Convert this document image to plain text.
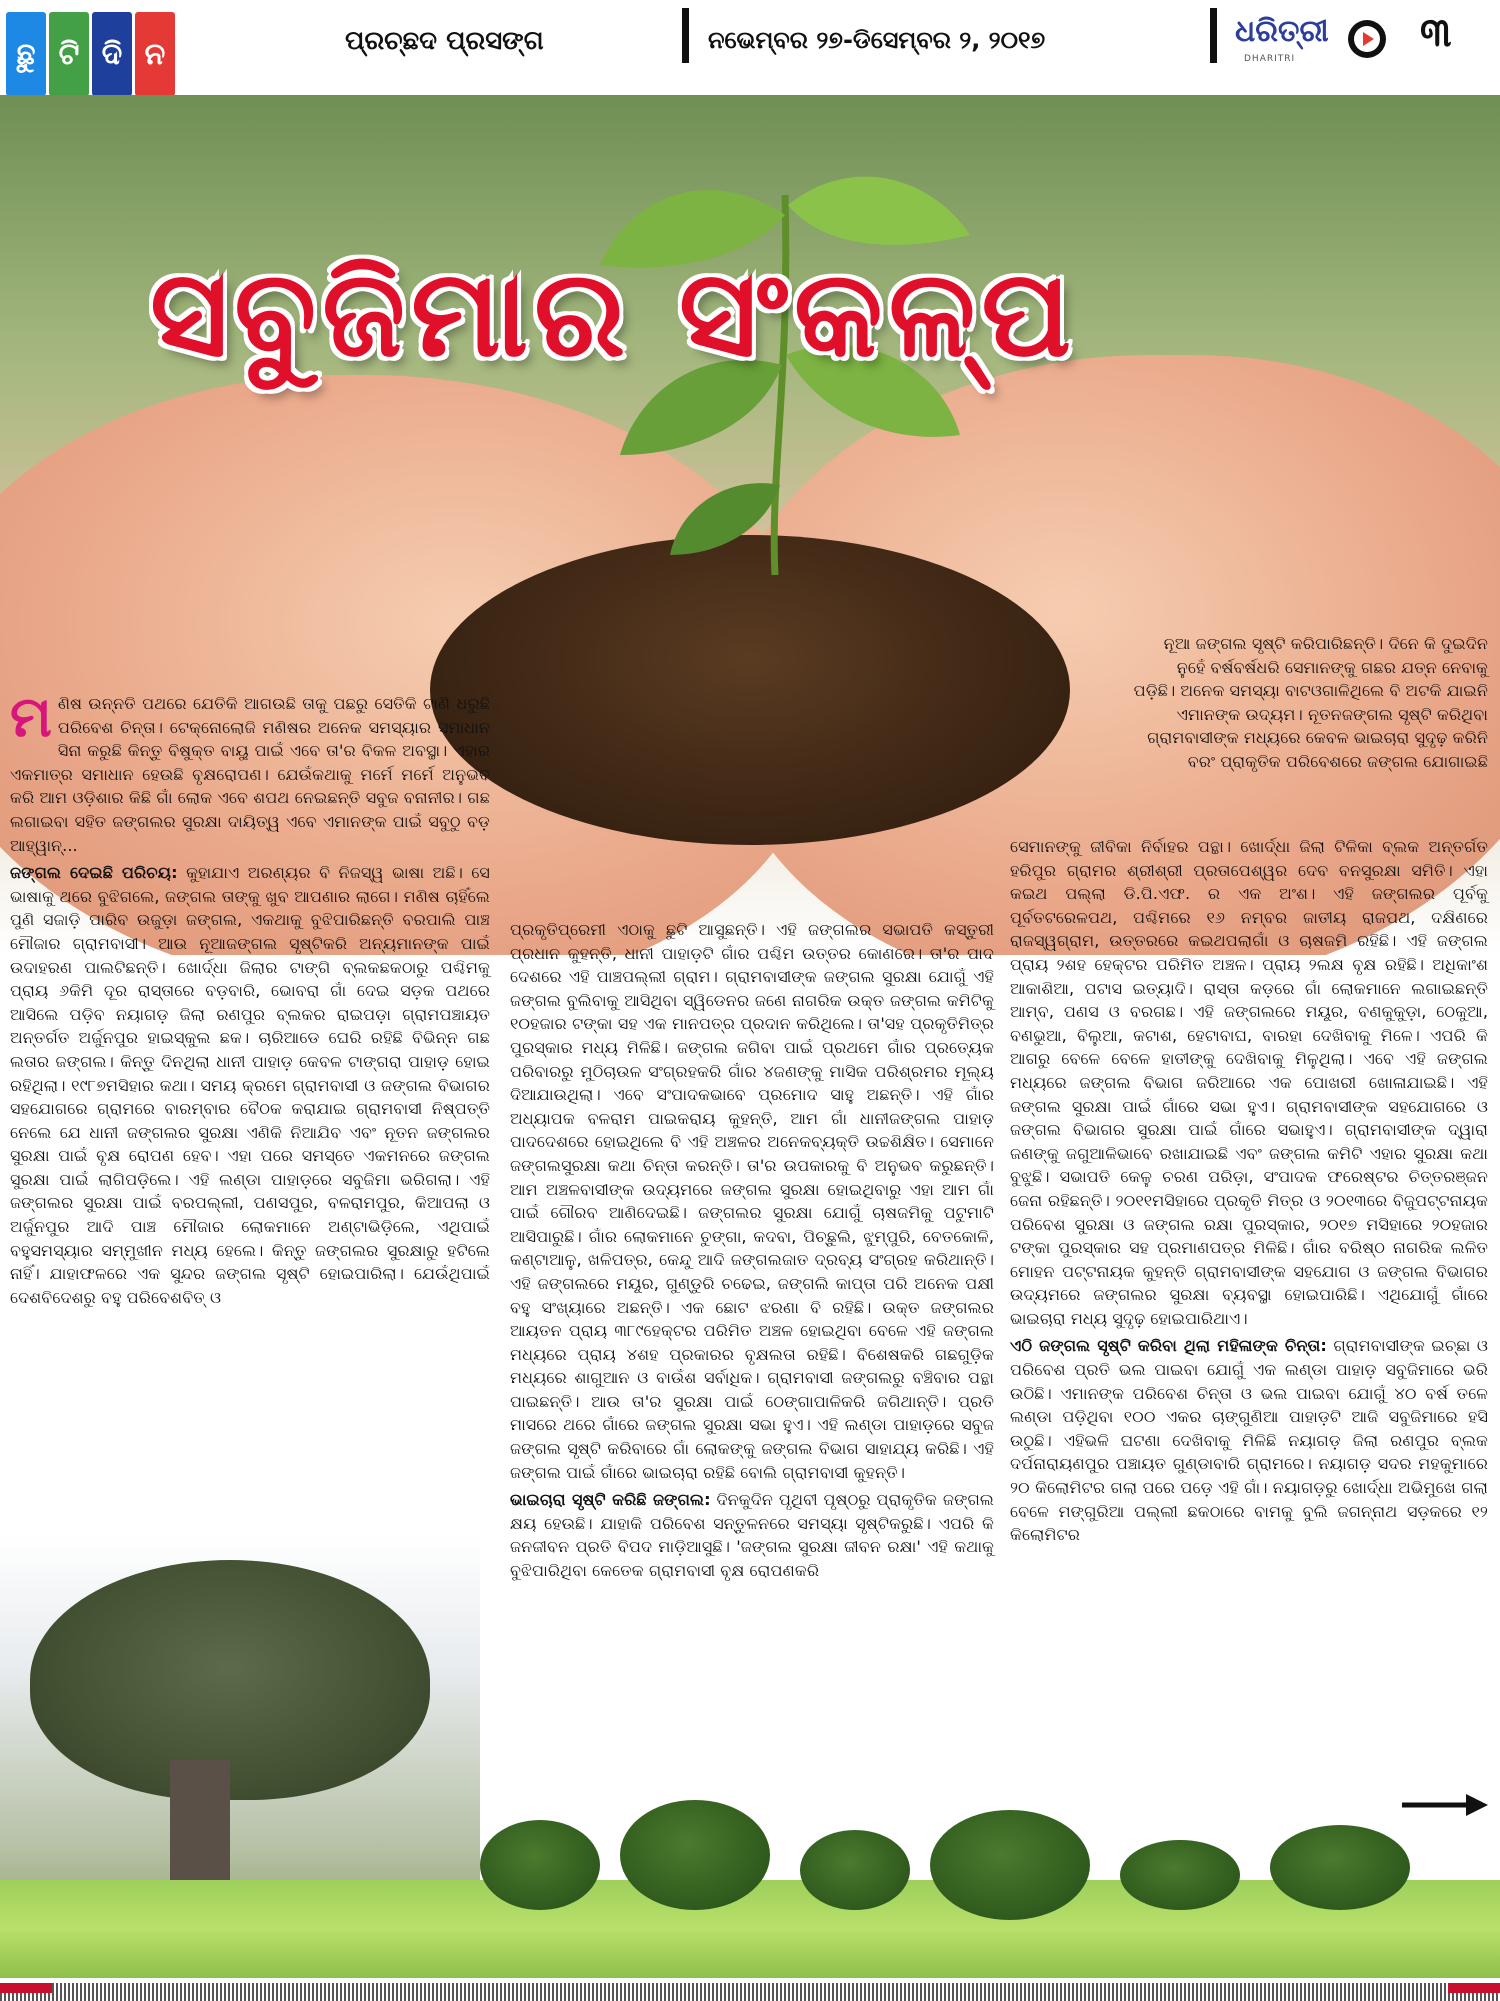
ଛୁ ଟି ଦି ନ	ପ୍ରଚ୍ଛଦ ପ୍ରସଙ୍ଗ	ନଭେମ୍ବର ୨୭-ଡିସେମ୍ବର ୨, ୨୦୧୭	ଧରିତ୍ରୀ
DHARITRI
୩
ସବୁଜିମାର ସଂକଳ୍ପ

ମ ଣିଷ ଉନ୍ନତି ପଥରେ ଯେତିକି ଆଗଉଛି ତାକୁ ପଛରୁ ସେତିକି ଟାଣି ଧରୁଛି ପରିବେଶ ଚିନ୍ତା। ଟେକ୍ନୋଲୋଜି ମଣିଷର ଅନେକ ସମସ୍ୟାର ସମାଧାନ ସିନା କରୁଛି କିନ୍ତୁ ବିଷୁକ୍ତ ବାୟୁ ପାଇଁ ଏବେ ତା'ର ବିକଳ ଅବସ୍ଥା। ଏହାର ଏକମାତ୍ର ସମାଧାନ ହେଉଛି ବୃକ୍ଷରୋପଣ। ଯେଉଁକଥାକୁ ମର୍ମେ ମର୍ମେ ଅନୁଭବ କରି ଆମ ଓଡ଼ିଶାର କିଛି ଗାଁ ଲୋକ ଏବେ ଶପଥ ନେଇଛନ୍ତି ସବୁଜ ବନାନୀର। ଗଛ ଲଗାଇବା ସହିତ ଜଙ୍ଗଲର ସୁରକ୍ଷା ଦାୟିତ୍ୱ ଏବେ ଏମାନଙ୍କ ପାଇଁ ସବୁଠୁ ବଡ଼ ଆହ୍ୱାନ୍...

ଜଙ୍ଗଲ ଦେଇଛି ପରିଚୟ: କୁହାଯାଏ ଅରଣ୍ୟର ବି ନିଜସ୍ୱ ଭାଷା ଅଛି। ସେ ଭାଷାକୁ ଥରେ ବୁଝିଗଲେ, ଜଙ୍ଗଲ ତାଙ୍କୁ ଖୁବ ଆପଣାର ଲାଗେ। ମଣିଷ ଚାହିଁଲେ ପୁଣି ସଜାଡ଼ି ପାରିବ ଉଜୁଡ଼ା ଜଙ୍ଗଲ, ଏକଥାକୁ ବୁଝିପାରିଛନ୍ତି ବରପାଲି ପାଞ୍ଚ ମୌଜାର ଗ୍ରାମବାସୀ। ଆଉ ନୂଆଜଙ୍ଗଲ ସୃଷ୍ଟିକରି ଅନ୍ୟମାନଙ୍କ ପାଇଁ ଉଦାହରଣ ପାଲଟିଛନ୍ତି। ଖୋର୍ଦ୍ଧା ଜିଲାର ଟାଙ୍ଗି ବ୍ଲକଛକଠାରୁ ପଶ୍ଚିମକୁ ପ୍ରାୟ ୬କିମି ଦୂର ରାସ୍ତାରେ ବଡ଼ବାରି, ଭୋବରା ଗାଁ ଦେଇ ସଡ଼କ ପଥରେ ଆସିଲେ ପଡ଼ିବ ନୟାଗଡ଼ ଜିଲା ରଣପୁର ବ୍ଲକର ରାଇପଡ଼ା ଗ୍ରାମପଞ୍ଚାୟତ ଅନ୍ତର୍ଗତ ଅର୍ଜୁନପୁର ହାଇସ୍କୁଲ ଛକ। ଚାରିଆଡେ ଘେରି ରହିଛି ବିଭିନ୍ନ ଗଛ ଲତାର ଜଙ୍ଗଲ। କିନ୍ତୁ ଦିନଥିଲା ଧାନୀ ପାହାଡ଼ କେବଳ ଟାଙ୍ଗରା ପାହାଡ଼ ହୋଇ ରହିଥିଲା। ୧୯୮୭ମସିହାର କଥା। ସମୟ କ୍ରମେ ଗ୍ରାମବାସୀ ଓ ଜଙ୍ଗଲ ବିଭାଗର ସହଯୋଗରେ ଗ୍ରାମରେ ବାରମ୍ବାର ବୈଠକ କରାଯାଇ ଗ୍ରାମବାସୀ ନିଷ୍ପତ୍ତି ନେଲେ ଯେ ଧାନୀ ଜଙ୍ଗଲର ସୁରକ୍ଷା ଏଣିକି ନିଆଯିବ ଏବଂ ନୂତନ ଜଙ୍ଗଲର ସୁରକ୍ଷା ପାଇଁ ବୃକ୍ଷ ରୋପଣ ହେବ। ଏହା ପରେ ସମସ୍ତେ ଏକମନରେ ଜଙ୍ଗଲ ସୁରକ୍ଷା ପାଇଁ ଲାଗିପଡ଼ିଲେ। ଏହି ଲଣ୍ଡା ପାହାଡ଼ରେ ସବୁଜିମା ଭରିଗଲା। ଏହି ଜଙ୍ଗଲର ସୁରକ୍ଷା ପାଇଁ ବରପଲ୍ଲୀ, ପଣସପୁର, ବଳରାମପୁର, କିଆପଲା ଓ ଅର୍ଜୁନପୁର ଆଦି ପାଞ୍ଚ ମୌଜାର ଲୋକମାନେ ଅଣ୍ଟାଭିଡ଼ିଲେ, ଏଥିପାଇଁ ବହୁସମସ୍ୟାର ସମ୍ମୁଖୀନ ମଧ୍ୟ ହେଲେ। କିନ୍ତୁ ଜଙ୍ଗଲର ସୁରକ୍ଷାରୁ ହଟିଲେ ନାହିଁ। ଯାହାଫଳରେ ଏକ ସୁନ୍ଦର ଜଙ୍ଗଲ ସୃଷ୍ଟି ହୋଇପାରିଲା। ଯେଉଁଥିପାଇଁ ଦେଶବିଦେଶରୁ ବହୁ ପରିବେଶବିତ୍ ଓ

ପ୍ରକୃତିପ୍ରେମୀ ଏଠାକୁ ଛୁଟି ଆସୁଛନ୍ତି। ଏହି ଜଙ୍ଗଲର ସଭାପତି କସ୍ତୁରୀ ପ୍ରଧାନ କୁହନ୍ତି, ଧାନୀ ପାହାଡ଼ଟି ଗାଁର ପଶ୍ଚିମ ଉତ୍ତର କୋଣରେ। ତା'ର ପାଦ ଦେଶରେ ଏହି ପାଞ୍ଚପଲ୍ଲୀ ଗ୍ରାମ। ଗ୍ରାମବାସୀଙ୍କ ଜଙ୍ଗଲ ସୁରକ୍ଷା ଯୋଗୁଁ ଏହି ଜଙ୍ଗଲ ବୁଲିବାକୁ ଆସିଥିବା ସ୍ୱିଡେନର ଜଣେ ନାଗରିକ ଉକ୍ତ ଜଙ୍ଗଲ କମିଟିକୁ ୧୦ହଜାର ଟଙ୍କା ସହ ଏକ ମାନପତ୍ର ପ୍ରଦାନ କରିଥିଲେ। ତା'ସହ ପ୍ରକୃତିମିତ୍ର ପୁରସ୍କାର ମଧ୍ୟ ମିଳିଛି। ଜଙ୍ଗଲ ଜଗିବା ପାଇଁ ପ୍ରଥମେ ଗାଁର ପ୍ରତ୍ୟେକ ପରିବାରରୁ ମୁଠିଚାଉଳ ସଂଗ୍ରହକରି ଗାଁର ୪ଜଣଙ୍କୁ ମାସିକ ପରିଶ୍ରମର ମୂଲ୍ୟ ଦିଆଯାଉଥିଲା। ଏବେ ସଂପାଦକଭାବେ ପ୍ରମୋଦ ସାହୁ ଅଛନ୍ତି। ଏହି ଗାଁର ଅଧ୍ୟାପକ ବଳରାମ ପାଇକରାୟ କୁହନ୍ତି, ଆମ ଗାଁ ଧାନୀଜଙ୍ଗଲ ପାହାଡ଼ ପାଦଦେଶରେ ହୋଇଥିଲେ ବି ଏହି ଅଞ୍ଚଳର ଅନେକବ୍ୟକ୍ତି ଉଚ୍ଚଶିକ୍ଷିତ। ସେମାନେ ଜଙ୍ଗଲସୁରକ୍ଷା କଥା ଚିନ୍ତା କରନ୍ତି। ତା'ର ଉପକାରକୁ ବି ଅନୁଭବ କରୁଛନ୍ତି। ଆମ ଅଞ୍ଚଳବାସୀଙ୍କ ଉଦ୍ୟମରେ ଜଙ୍ଗଲ ସୁରକ୍ଷା ହୋଇଥିବାରୁ ଏହା ଆମ ଗାଁ ପାଇଁ ଗୌରବ ଆଣିଦେଇଛି। ଜଙ୍ଗଲର ସୁରକ୍ଷା ଯୋଗୁଁ ଚାଷଜମିକୁ ପଟୁମାଟି ଆସିପାରୁଛି। ଗାଁର ଲୋକମାନେ ଚୁଙ୍ଗା, କଦବା, ପିଚ୍ଛୁଲି, ଝୁମ୍ପୁରି, ବେତକୋଳି, କଣ୍ଟାଆଳୁ, ଖଳିପତ୍ର, କେନ୍ଦୁ ଆଦି ଜଙ୍ଗଲଜାତ ଦ୍ରବ୍ୟ ସଂଗ୍ରହ କରିଥାନ୍ତି। ଏହି ଜଙ୍ଗଲରେ ମୟୂର, ଗୁଣ୍ଡୁରି ଚଢେଇ, ଜଙ୍ଗଲି କାପ୍ତା ପରି ଅନେକ ପକ୍ଷୀ ବହୁ ସଂଖ୍ୟାରେ ଅଛନ୍ତି। ଏକ ଛୋଟ ଝରଣା ବି ରହିଛି। ଉକ୍ତ ଜଙ୍ଗଲର ଆୟତନ ପ୍ରାୟ ୩୮୯ହେକ୍ଟର ପରିମିତ ଅଞ୍ଚଳ ହୋଇଥିବା ବେଳେ ଏହି ଜଙ୍ଗଲ ମଧ୍ୟରେ ପ୍ରାୟ ୪ଶହ ପ୍ରକାରର ବୃକ୍ଷଲତା ରହିଛି। ବିଶେଷକରି ଗଛଗୁଡ଼ିକ ମଧ୍ୟରେ ଶାଗୁଆନ ଓ ବାଉଁଶ ସର୍ବାଧିକ। ଗ୍ରାମବାସୀ ଜଙ୍ଗଲରୁ ବଞ୍ଚିବାର ପନ୍ଥା ପାଇଛନ୍ତି। ଆଉ ତା'ର ସୁରକ୍ଷା ପାଇଁ ଠେଙ୍ଗାପାଳିକରି ଜଗିଥାନ୍ତି। ପ୍ରତି ମାସରେ ଥରେ ଗାଁରେ ଜଙ୍ଗଲ ସୁରକ୍ଷା ସଭା ହୁଏ। ଏହି ଲଣ୍ଡା ପାହାଡ଼ରେ ସବୁଜ ଜଙ୍ଗଲ ସୃଷ୍ଟି କରିବାରେ ଗାଁ ଲୋକଙ୍କୁ ଜଙ୍ଗଲ ବିଭାଗ ସାହାଯ୍ୟ କରିଛି। ଏହି ଜଙ୍ଗଲ ପାଇଁ ଗାଁରେ ଭାଇଚାରା ରହିଛି ବୋଲି ଗ୍ରାମବାସୀ କୁହନ୍ତି।

ଭାଇଚାରା ସୃଷ୍ଟି କରିଛି ଜଙ୍ଗଲ: ଦିନକୁଦିନ ପୃଥିବୀ ପୃଷ୍ଠରୁ ପ୍ରାକୃତିକ ଜଙ୍ଗଲ କ୍ଷୟ ହେଉଛି। ଯାହାକି ପରିବେଶ ସନ୍ତୁଳନରେ ସମସ୍ୟା ସୃଷ୍ଟିକରୁଛି। ଏପରି କି ଜନଜୀବନ ପ୍ରତି ବିପଦ ମାଡ଼ିଆସୁଛି। 'ଜଙ୍ଗଲ ସୁରକ୍ଷା ଜୀବନ ରକ୍ଷା' ଏହି କଥାକୁ ବୁଝିପାରିଥିବା କେତେକ ଗ୍ରାମବାସୀ ବୃକ୍ଷ ରୋପଣକରି

ନୂଆ ଜଙ୍ଗଲ ସୃଷ୍ଟି କରିପାରିଛନ୍ତି। ଦିନେ କି ଦୁଇଦିନ ନୁହେଁ ବର୍ଷବର୍ଷଧରି ସେମାନଙ୍କୁ ଗଛର ଯତ୍ନ ନେବାକୁ ପଡ଼ିଛି। ଅନେକ ସମସ୍ୟା ବାଟଓଗାଳିଥିଲେ ବି ଅଟକି ଯାଇନି ଏମାନଙ୍କ ଉଦ୍ୟମ। ନୂତନଜଙ୍ଗଲ ସୃଷ୍ଟି କରିଥିବା ଗ୍ରାମବାସୀଙ୍କ ମଧ୍ୟରେ କେବଳ ଭାଇଚାରା ସୁଦୃଢ଼ କରିନି ବରଂ ପ୍ରାକୃତିକ ପରିବେଶରେ ଜଙ୍ଗଲ ଯୋଗାଇଛି

ସେମାନଙ୍କୁ ଜୀବିକା ନିର୍ବାହର ପନ୍ଥା। ଖୋର୍ଦ୍ଧା ଜିଲା ଟିଳିକା ବ୍ଲକ ଅନ୍ତର୍ଗତ ହରିପୁର ଗ୍ରାମର ଶ୍ରୀଶ୍ରୀ ପ୍ରତାପେଶ୍ୱର ଦେବ ବନସୁରକ୍ଷା ସମିତି। ଏହା କଇଥ ପଲ୍ଲା ଡି.ପି.ଏଫ. ର ଏକ ଅଂଶ। ଏହି ଜଙ୍ଗଲର ପୂର୍ବକୁ ପୂର୍ବତଟରେଳପଥ, ପଶ୍ଚିମରେ ୧୬ ନମ୍ବର ଜାତୀୟ ରାଜପଥ, ଦକ୍ଷିଣରେ ରାଜସ୍ୱଗ୍ରାମ, ଉତ୍ତରରେ କଇଥପଲାଗାଁ ଓ ଚାଷଜମି ରହିଛି। ଏହି ଜଙ୍ଗଲ ପ୍ରାୟ ୨ଶହ ହେକ୍ଟର ପରିମିତ ଅଞ୍ଚଳ। ପ୍ରାୟ ୨ଲକ୍ଷ ବୃକ୍ଷ ରହିଛି। ଅଧିକାଂଶ ଆକାଶିଆ, ପଟାସ ଇତ୍ୟାଦି। ରାସ୍ତା କଡ଼ରେ ଗାଁ ଲୋକମାନେ ଲଗାଇଛନ୍ତି ଆମ୍ବ, ପଣସ ଓ ବରଗଛ। ଏହି ଜଙ୍ଗଲରେ ମୟୂର, ବଣକୁକୁଡ଼ା, ଠେକୁଆ, ବଣଭୁଆ, ବିଲୁଆ, କଟାଶ, ହେଟାବାଘ, ବାରହା ଦେଖିବାକୁ ମିଳେ। ଏପରି କି ଆଗରୁ ବେଳେ ବେଳେ ହାତୀଙ୍କୁ ଦେଖିବାକୁ ମିଳୁଥିଲା। ଏବେ ଏହି ଜଙ୍ଗଲ ମଧ୍ୟରେ ଜଙ୍ଗଲ ବିଭାଗ ଜରିଆରେ ଏକ ପୋଖରୀ ଖୋଳାଯାଇଛି। ଏହି ଜଙ୍ଗଲ ସୁରକ୍ଷା ପାଇଁ ଗାଁରେ ସଭା ହୁଏ। ଗ୍ରାମବାସୀଙ୍କ ସହଯୋଗରେ ଓ ଜଙ୍ଗଲ ବିଭାଗର ସୁରକ୍ଷା ପାଇଁ ଗାଁରେ ସଭାହୁଏ। ଗ୍ରାମବାସୀଙ୍କ ଦ୍ୱାରା ଜଣଙ୍କୁ ଜଗୁଆଳିଭାବେ ରଖାଯାଇଛି ଏବଂ ଜଙ୍ଗଲ କମିଟି ଏହାର ସୁରକ୍ଷା କଥା ବୁଝୁଛି। ସଭାପତି କେଳୁ ଚରଣ ପରିଡ଼ା, ସଂପାଦକ ଫରେଷ୍ଟର ଚିତ୍ତରଞ୍ଜନ ଜେନା ରହିଛନ୍ତି। ୨୦୧୧ମସିହାରେ ପ୍ରକୃତି ମିତ୍ର ଓ ୨୦୧୩ରେ ବିଜୁପଟ୍ଟନାୟକ ପରିବେଶ ସୁରକ୍ଷା ଓ ଜଙ୍ଗଲ ରକ୍ଷା ପୁରସ୍କାର, ୨୦୧୭ ମସିହାରେ ୨୦ହଜାର ଟଙ୍କା ପୁରସ୍କାର ସହ ପ୍ରମାଣପତ୍ର ମିଳିଛି। ଗାଁର ବରିଷ୍ଠ ନାଗରିକ ଲଳିତ ମୋହନ ପଟ୍ଟନାୟକ କୁହନ୍ତି ଗ୍ରାମବାସୀଙ୍କ ସହଯୋଗ ଓ ଜଙ୍ଗଲ ବିଭାଗର ଉଦ୍ୟମରେ ଜଙ୍ଗଲର ସୁରକ୍ଷା ବ୍ୟବସ୍ଥା ହୋଇପାରିଛି। ଏଥିଯୋଗୁଁ ଗାଁରେ ଭାଇଚାରା ମଧ୍ୟ ସୁଦୃଢ଼ ହୋଇପାରିଥାଏ।

ଏଠି ଜଙ୍ଗଲ ସୃଷ୍ଟି କରିବା ଥିଲା ମହିଳାଙ୍କ ଚିନ୍ତା: ଗ୍ରାମବାସୀଙ୍କ ଇଚ୍ଛା ଓ ପରିବେଶ ପ୍ରତି ଭଲ ପାଇବା ଯୋଗୁଁ ଏକ ଲଣ୍ଡା ପାହାଡ଼ ସବୁଜିମାରେ ଭରି ଉଠିଛି। ଏମାନଙ୍କ ପରିବେଶ ଚିନ୍ତା ଓ ଭଲ ପାଇବା ଯୋଗୁଁ ୪୦ ବର୍ଷ ତଳେ ଲଣ୍ଡା ପଡ଼ିଥିବା ୧୦୦ ଏକର ଚାଙ୍ଗୁଣିଆ ପାହାଡ଼ଟି ଆଜି ସବୁଜିମାରେ ହସି ଉଠୁଛି। ଏହିଭଳି ଘଟଣା ଦେଖିବାକୁ ମିଳିଛି ନୟାଗଡ଼ ଜିଲା ରଣପୁର ବ୍ଲକ ଦର୍ପନାରାୟଣପୁର ପଞ୍ଚାୟତ ଗୁଣ୍ଡାବାରି ଗ୍ରାମରେ। ନୟାଗଡ଼ ସଦର ମହକୁମାରେ ୨୦ କିଲୋମିଟର ଗଲା ପରେ ପଡ଼େ ଏହି ଗାଁ। ନୟାଗଡ଼ରୁ ଖୋର୍ଦ୍ଧା ଅଭିମୁଖେ ଗଲା ବେଳେ ମଙ୍ଗୁରିଆ ପଲ୍ଲୀ ଛକଠାରେ ବାମକୁ ବୁଲି ଜଗନ୍ନାଥ ସଡ଼କରେ ୧୨ କିଲୋମିଟର
